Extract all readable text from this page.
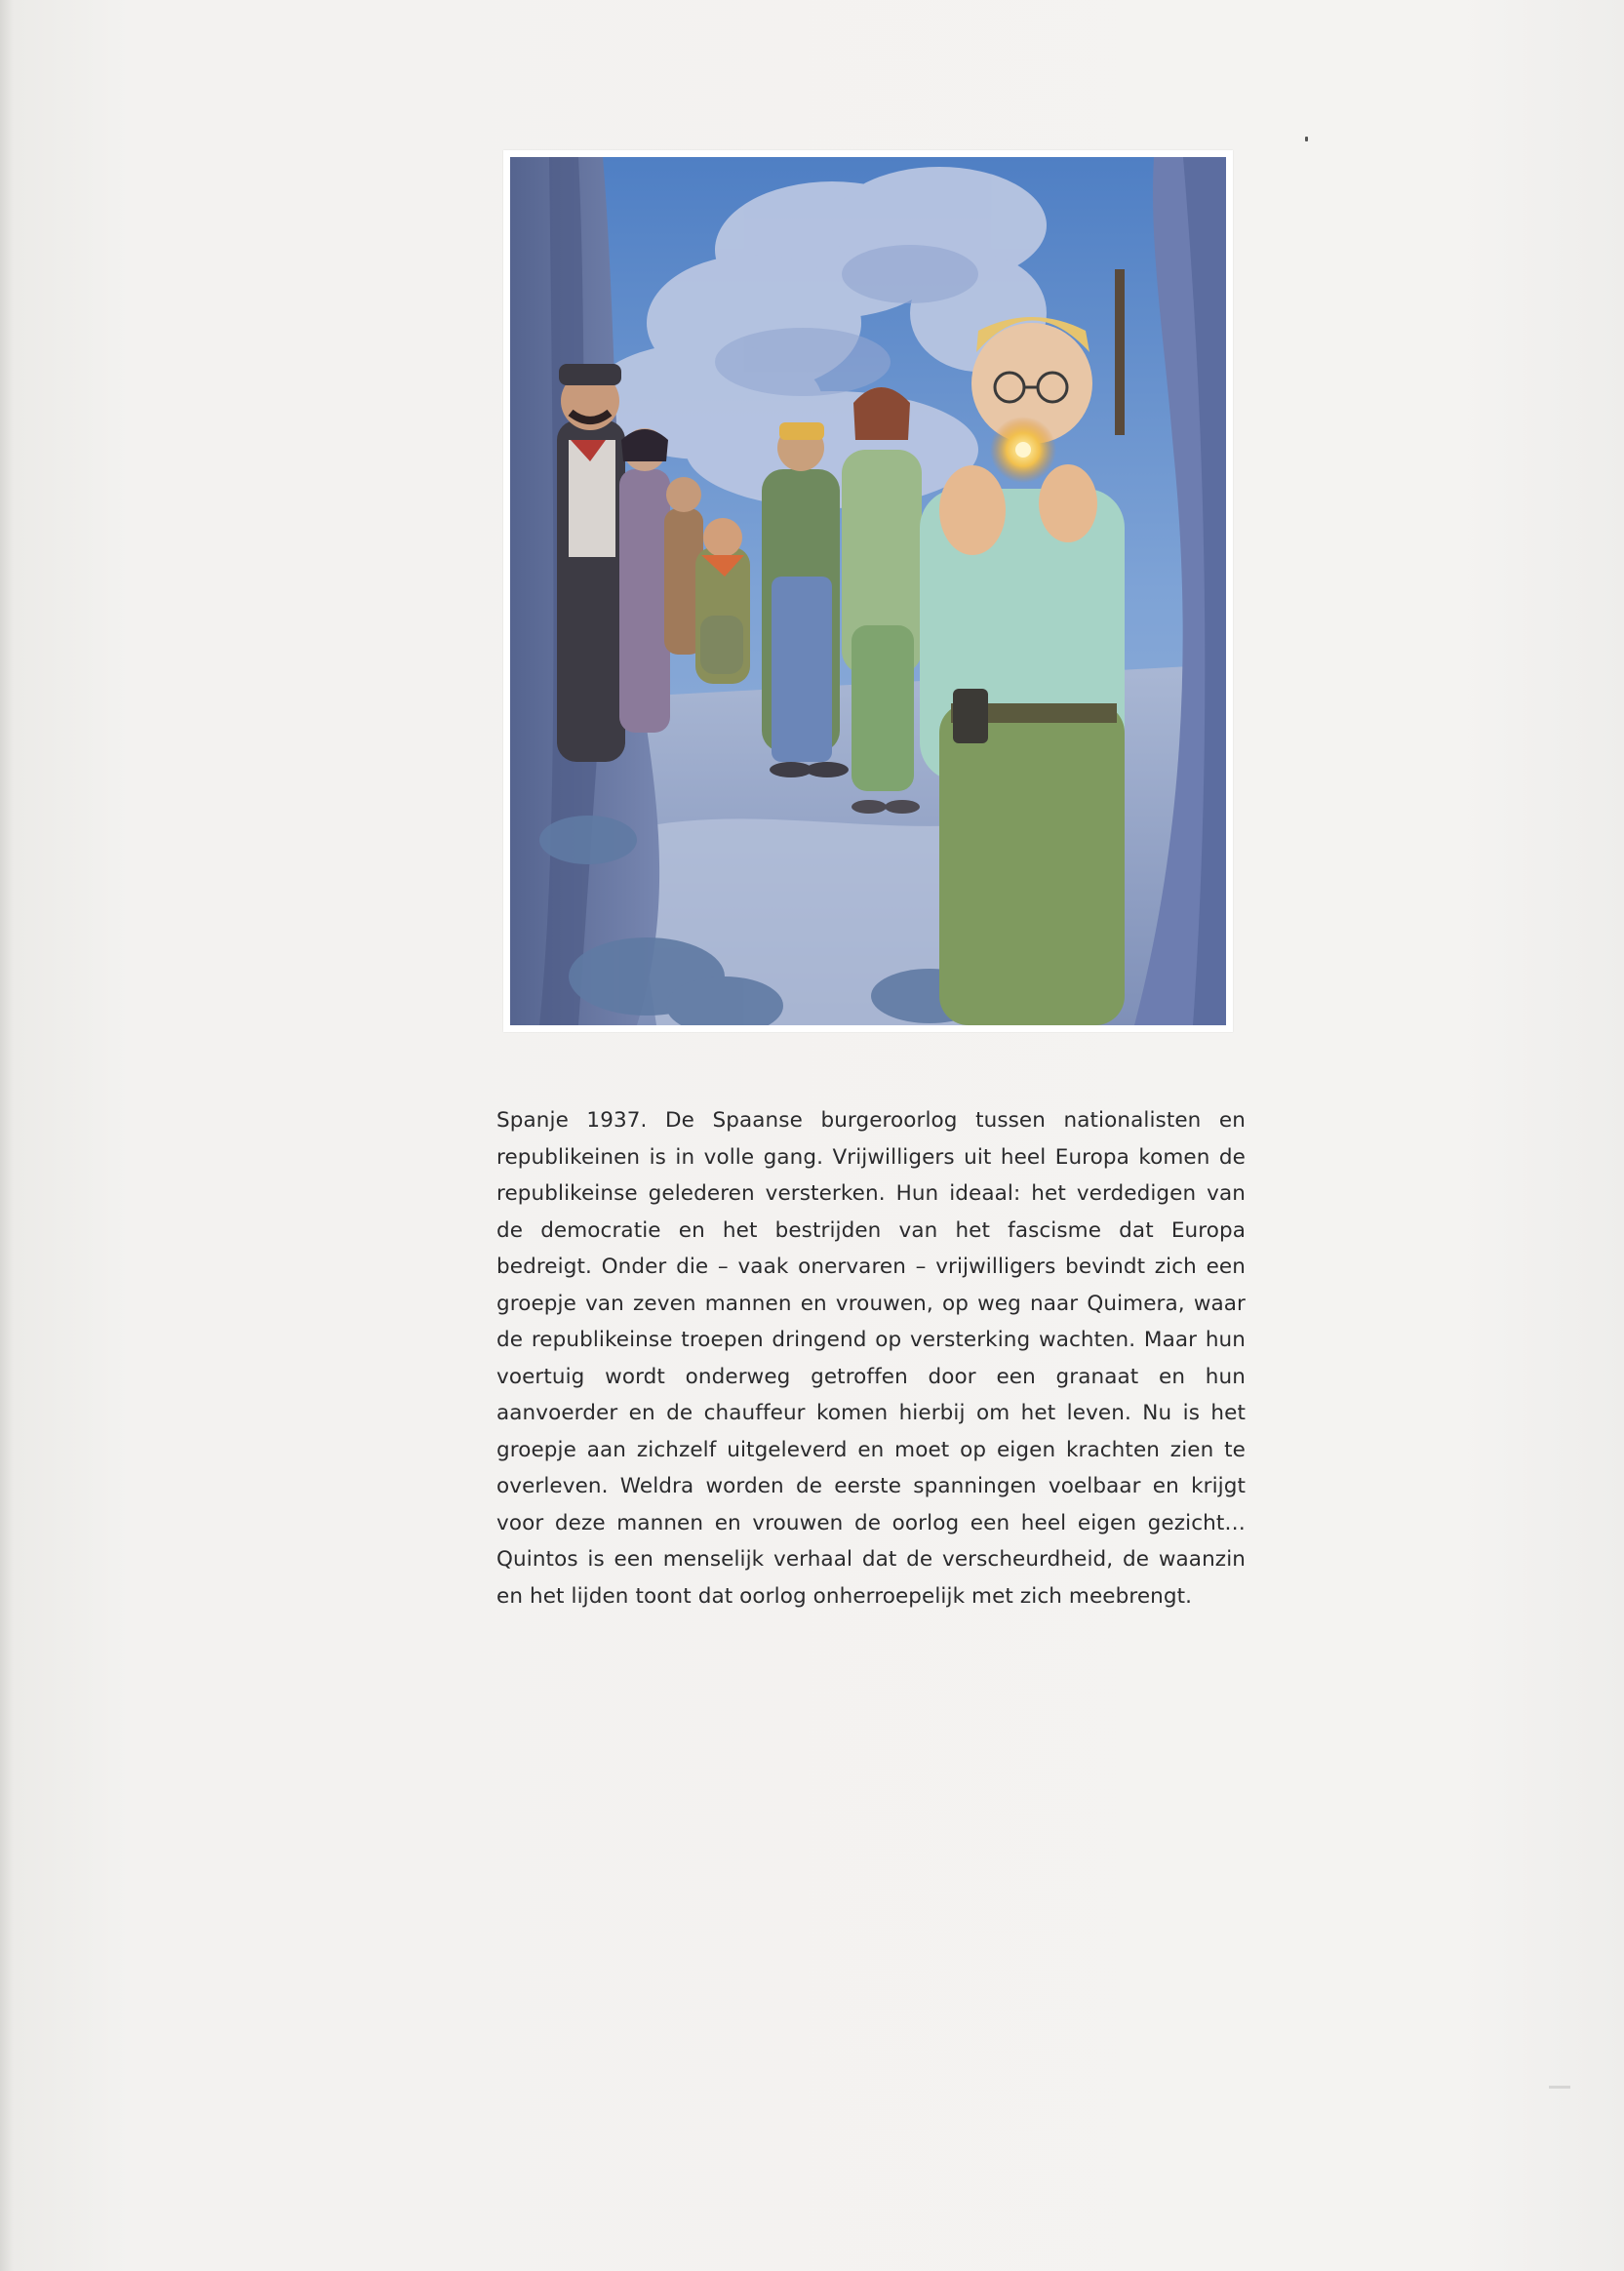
Spanje 1937. De Spaanse burgeroorlog tussen nationalisten en republikeinen is in volle gang. Vrijwilligers uit heel Europa komen de republikeinse gelederen versterken. Hun ideaal: het verdedigen van de democratie en het bestrijden van het fascisme dat Europa bedreigt. Onder die – vaak onervaren – vrijwilligers bevindt zich een groepje van zeven mannen en vrouwen, op weg naar Quimera, waar de republikeinse troepen dringend op versterking wachten. Maar hun voertuig wordt onderweg getroffen door een granaat en hun aanvoerder en de chauffeur komen hierbij om het leven. Nu is het groepje aan zichzelf uitgeleverd en moet op eigen krachten zien te overleven. Weldra worden de eerste spanningen voelbaar en krijgt voor deze mannen en vrouwen de oorlog een heel eigen gezicht… Quintos is een menselijk verhaal dat de verscheurdheid, de waanzin en het lijden toont dat oorlog onherroepelijk met zich meebrengt.
